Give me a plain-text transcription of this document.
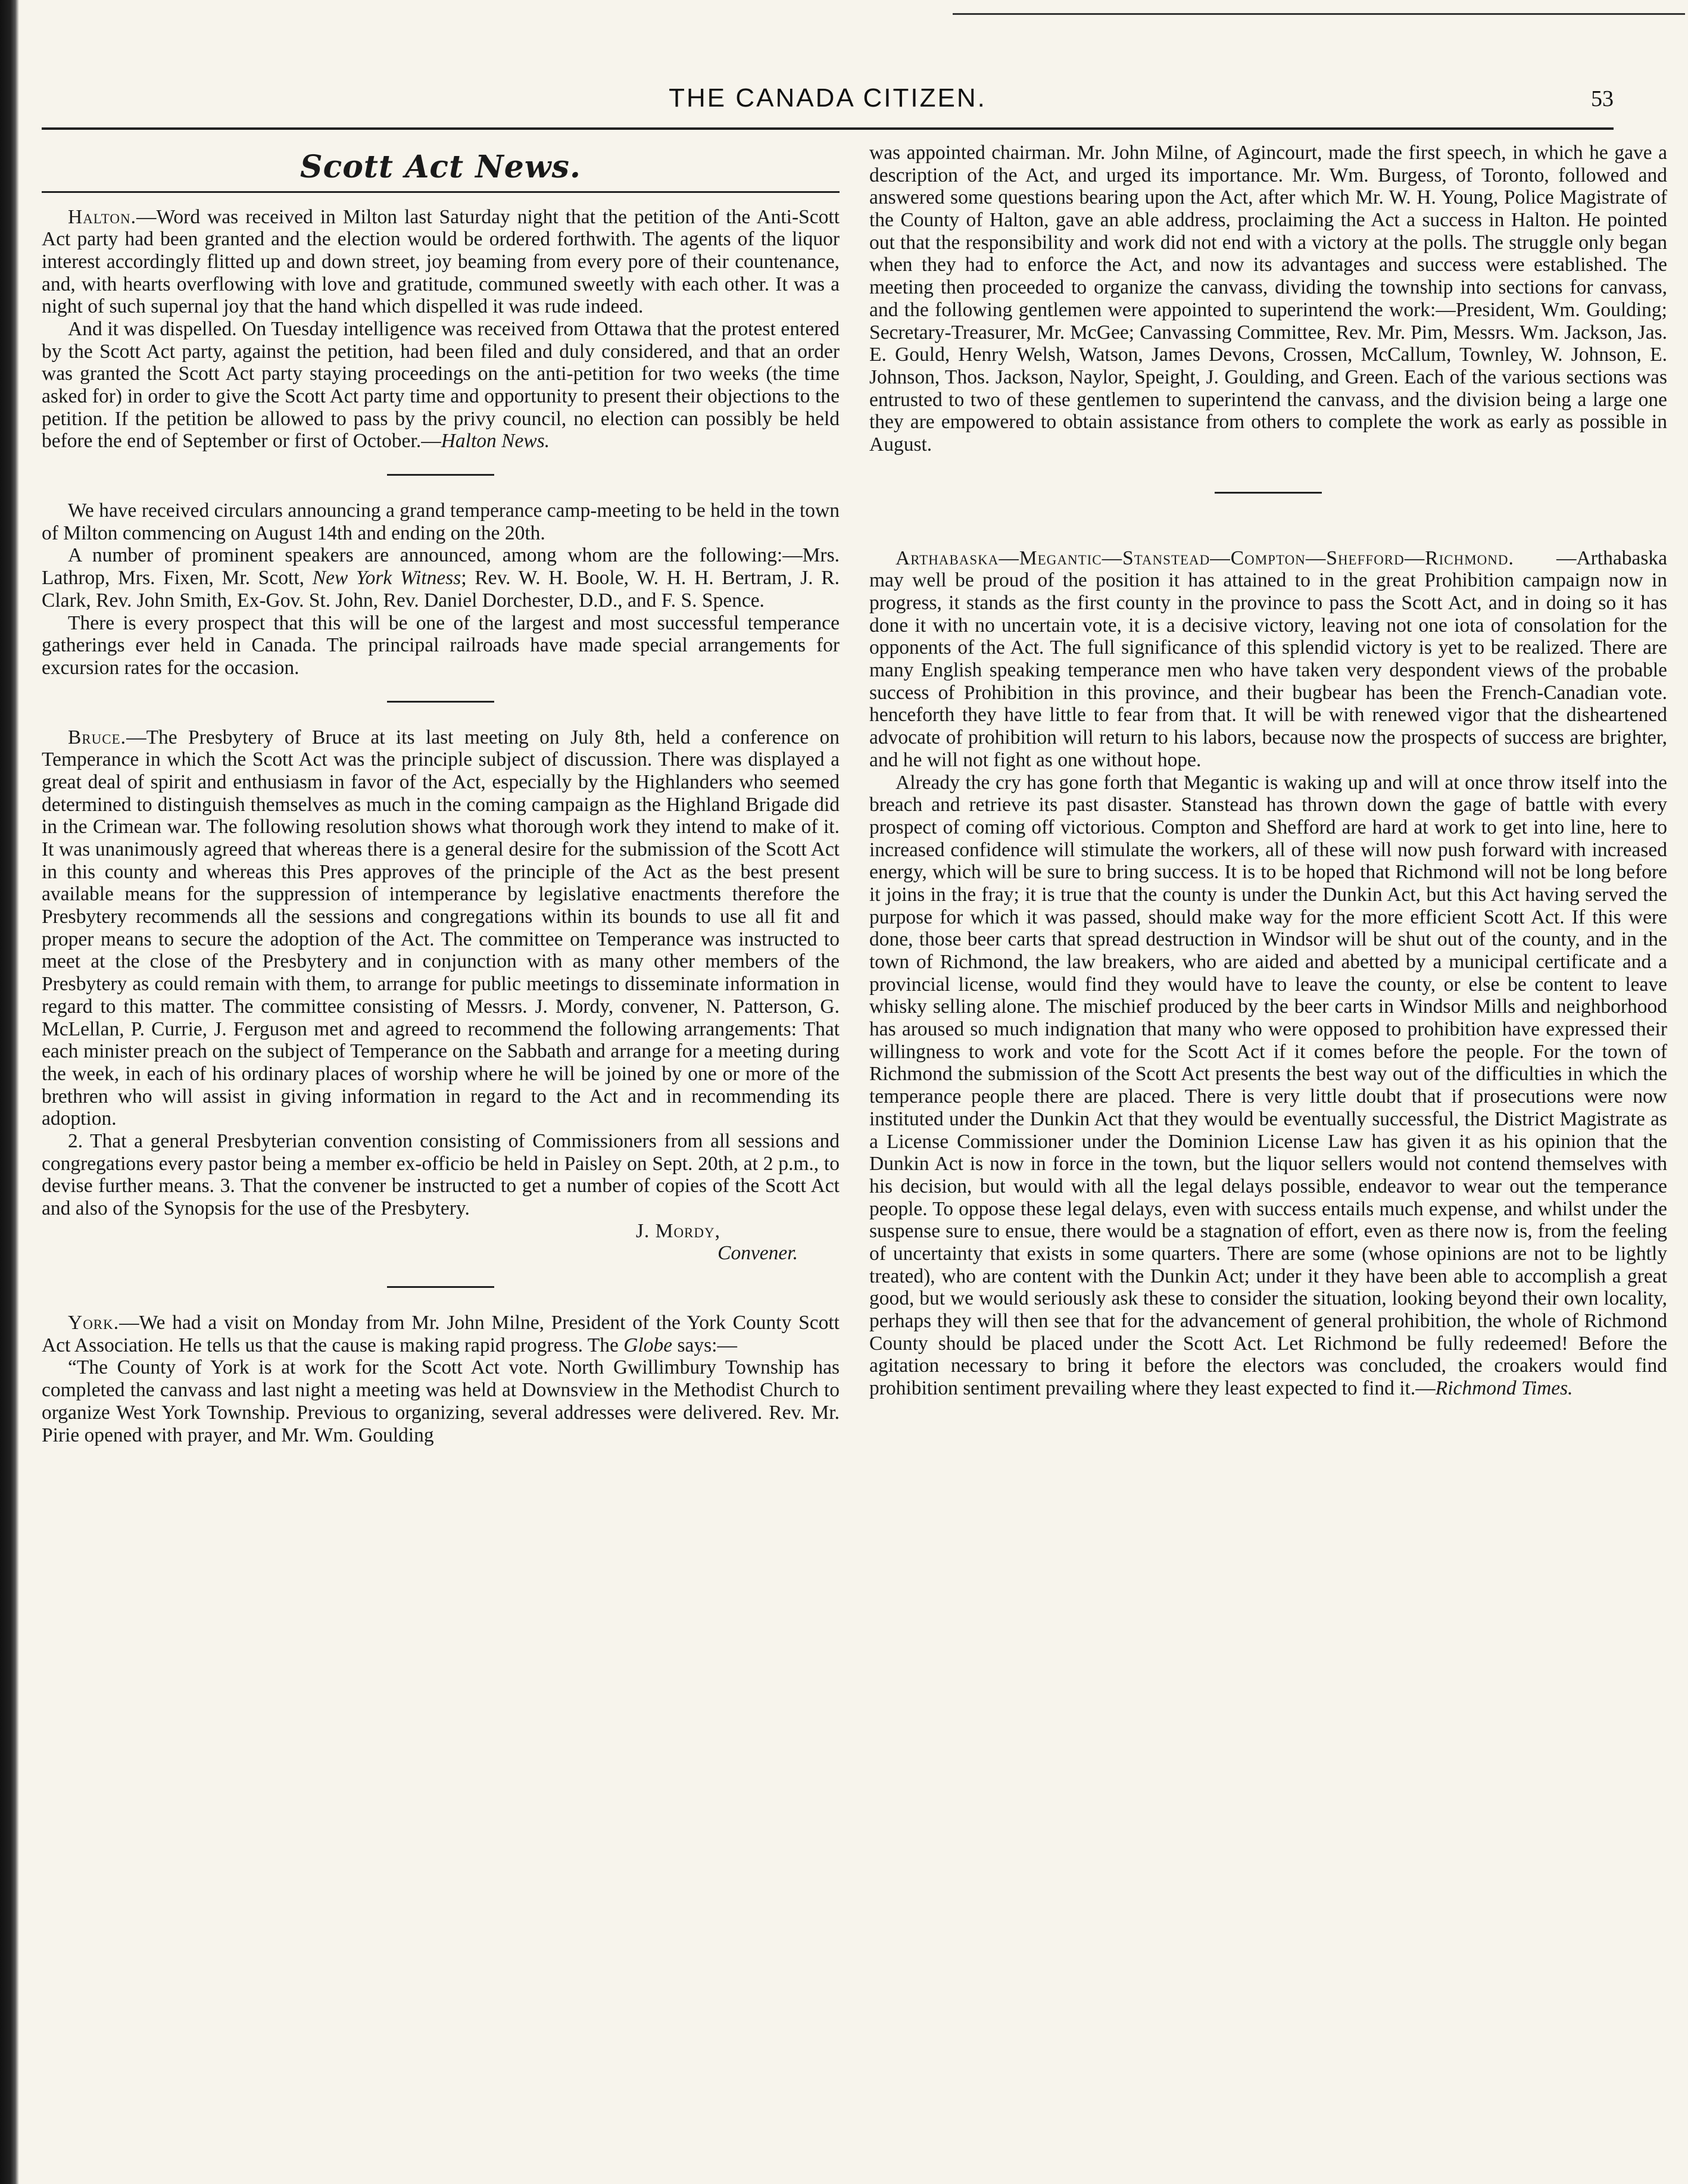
THE CANADA CITIZEN.	53
Scott Act News.

Halton.—Word was received in Milton last Saturday night that the petition of the Anti-Scott Act party had been granted and the election would be ordered forthwith. The agents of the liquor interest accordingly flitted up and down street, joy beaming from every pore of their countenance, and, with hearts overflowing with love and gratitude, communed sweetly with each other. It was a night of such supernal joy that the hand which dispelled it was rude indeed.

And it was dispelled. On Tuesday intelligence was received from Ottawa that the protest entered by the Scott Act party, against the petition, had been filed and duly considered, and that an order was granted the Scott Act party staying proceedings on the anti-petition for two weeks (the time asked for) in order to give the Scott Act party time and opportunity to present their objections to the petition. If the petition be allowed to pass by the privy council, no election can possibly be held before the end of September or first of October.—Halton News.

We have received circulars announcing a grand temperance camp-meeting to be held in the town of Milton commencing on August 14th and ending on the 20th.

A number of prominent speakers are announced, among whom are the following:—Mrs. Lathrop, Mrs. Fixen, Mr. Scott, New York Witness; Rev. W. H. Boole, W. H. H. Bertram, J. R. Clark, Rev. John Smith, Ex-Gov. St. John, Rev. Daniel Dorchester, D.D., and F. S. Spence.

There is every prospect that this will be one of the largest and most successful temperance gatherings ever held in Canada. The principal railroads have made special arrangements for excursion rates for the occasion.

Bruce.—The Presbytery of Bruce at its last meeting on July 8th, held a conference on Temperance in which the Scott Act was the principle subject of discussion. There was displayed a great deal of spirit and enthusiasm in favor of the Act, especially by the Highlanders who seemed determined to distinguish themselves as much in the coming campaign as the Highland Brigade did in the Crimean war. The following resolution shows what thorough work they intend to make of it. It was unanimously agreed that whereas there is a general desire for the submission of the Scott Act in this county and whereas this Pres approves of the principle of the Act as the best present available means for the suppression of intemperance by legislative enactments therefore the Presbytery recommends all the sessions and congregations within its bounds to use all fit and proper means to secure the adoption of the Act. The committee on Temperance was instructed to meet at the close of the Presbytery and in conjunction with as many other members of the Presbytery as could remain with them, to arrange for public meetings to disseminate information in regard to this matter. The committee consisting of Messrs. J. Mordy, convener, N. Patterson, G. McLellan, P. Currie, J. Ferguson met and agreed to recommend the following arrangements: That each minister preach on the subject of Temperance on the Sabbath and arrange for a meeting during the week, in each of his ordinary places of worship where he will be joined by one or more of the brethren who will assist in giving information in regard to the Act and in recommending its adoption.

2. That a general Presbyterian convention consisting of Commissioners from all sessions and congregations every pastor being a member ex-officio be held in Paisley on Sept. 20th, at 2 p.m., to devise further means. 3. That the convener be instructed to get a number of copies of the Scott Act and also of the Synopsis for the use of the Presbytery.

J. Mordy,

Convener.

York.—We had a visit on Monday from Mr. John Milne, President of the York County Scott Act Association. He tells us that the cause is making rapid progress. The Globe says:—

“The County of York is at work for the Scott Act vote. North Gwillimbury Township has completed the canvass and last night a meeting was held at Downsview in the Methodist Church to organize West York Township. Previous to organizing, several addresses were delivered. Rev. Mr. Pirie opened with prayer, and Mr. Wm. Goulding

was appointed chairman. Mr. John Milne, of Agincourt, made the first speech, in which he gave a description of the Act, and urged its importance. Mr. Wm. Burgess, of Toronto, followed and answered some questions bearing upon the Act, after which Mr. W. H. Young, Police Magistrate of the County of Halton, gave an able address, proclaiming the Act a success in Halton. He pointed out that the responsibility and work did not end with a victory at the polls. The struggle only began when they had to enforce the Act, and now its advantages and success were established. The meeting then proceeded to organize the canvass, dividing the township into sections for canvass, and the following gentlemen were appointed to superintend the work:—President, Wm. Goulding; Secretary-Treasurer, Mr. McGee; Canvassing Committee, Rev. Mr. Pim, Messrs. Wm. Jackson, Jas. E. Gould, Henry Welsh, Watson, James Devons, Crossen, McCallum, Townley, W. Johnson, E. Johnson, Thos. Jackson, Naylor, Speight, J. Goulding, and Green. Each of the various sections was entrusted to two of these gentlemen to superintend the canvass, and the division being a large one they are empowered to obtain assistance from others to complete the work as early as possible in August.

Arthabaska—Megantic—Stanstead—Compton—Shefford—Richmond. —Arthabaska may well be proud of the position it has attained to in the great Prohibition campaign now in progress, it stands as the first county in the province to pass the Scott Act, and in doing so it has done it with no uncertain vote, it is a decisive victory, leaving not one iota of consolation for the opponents of the Act. The full significance of this splendid victory is yet to be realized. There are many English speaking temperance men who have taken very despondent views of the probable success of Prohibition in this province, and their bugbear has been the French-Canadian vote. henceforth they have little to fear from that. It will be with renewed vigor that the disheartened advocate of prohibition will return to his labors, because now the prospects of success are brighter, and he will not fight as one without hope.

Already the cry has gone forth that Megantic is waking up and will at once throw itself into the breach and retrieve its past disaster. Stanstead has thrown down the gage of battle with every prospect of coming off victorious. Compton and Shefford are hard at work to get into line, here to increased confidence will stimulate the workers, all of these will now push forward with increased energy, which will be sure to bring success. It is to be hoped that Richmond will not be long before it joins in the fray; it is true that the county is under the Dunkin Act, but this Act having served the purpose for which it was passed, should make way for the more efficient Scott Act. If this were done, those beer carts that spread destruction in Windsor will be shut out of the county, and in the town of Richmond, the law breakers, who are aided and abetted by a municipal certificate and a provincial license, would find they would have to leave the county, or else be content to leave whisky selling alone. The mischief produced by the beer carts in Windsor Mills and neighborhood has aroused so much indignation that many who were opposed to prohibition have expressed their willingness to work and vote for the Scott Act if it comes before the people. For the town of Richmond the submission of the Scott Act presents the best way out of the difficulties in which the temperance people there are placed. There is very little doubt that if prosecutions were now instituted under the Dunkin Act that they would be eventually successful, the District Magistrate as a License Commissioner under the Dominion License Law has given it as his opinion that the Dunkin Act is now in force in the town, but the liquor sellers would not contend themselves with his decision, but would with all the legal delays possible, endeavor to wear out the temperance people. To oppose these legal delays, even with success entails much expense, and whilst under the suspense sure to ensue, there would be a stagnation of effort, even as there now is, from the feeling of uncertainty that exists in some quarters. There are some (whose opinions are not to be lightly treated), who are content with the Dunkin Act; under it they have been able to accomplish a great good, but we would seriously ask these to consider the situation, looking beyond their own locality, perhaps they will then see that for the advancement of general prohibition, the whole of Richmond County should be placed under the Scott Act. Let Richmond be fully redeemed! Before the agitation necessary to bring it before the electors was concluded, the croakers would find prohibition sentiment prevailing where they least expected to find it.—Richmond Times.
